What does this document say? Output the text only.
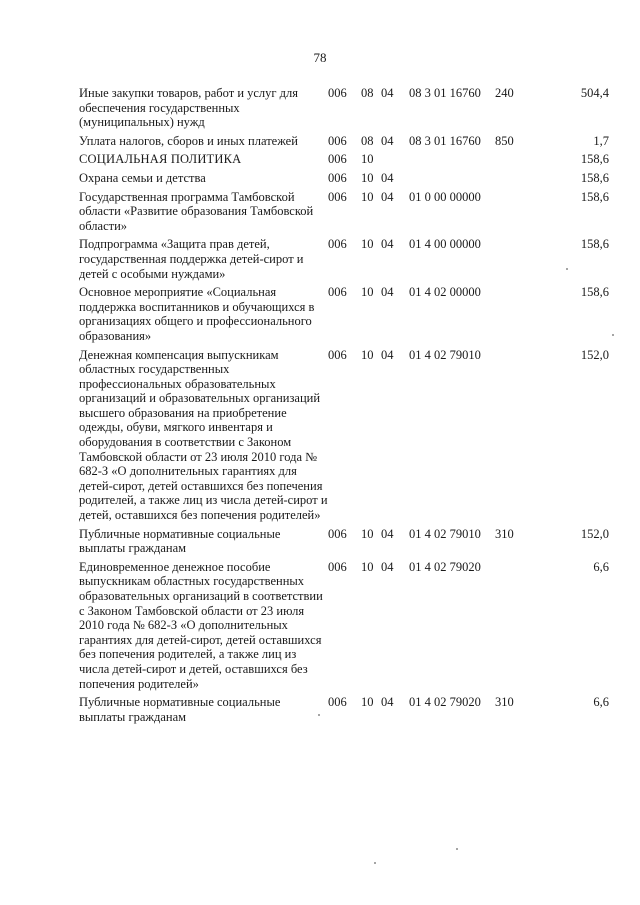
78
Иные закупки товаров, работ и услуг для обеспечения государственных (муниципальных) нужд	006	08	04	08 3 01 16760	240	504,4
Уплата налогов, сборов и иных платежей	006	08	04	08 3 01 16760	850	1,7
СОЦИАЛЬНАЯ ПОЛИТИКА	006	10				158,6
Охрана семьи и детства	006	10	04			158,6
Государственная программа Тамбовской области «Развитие образования Тамбовской области»	006	10	04	01 0 00 00000		158,6
Подпрограмма «Защита прав детей, государственная поддержка детей-сирот и детей с особыми нуждами»	006	10	04	01 4 00 00000		158,6
Основное мероприятие «Социальная поддержка воспитанников и обучающихся в организациях общего и профессионального образования»	006	10	04	01 4 02 00000		158,6
Денежная компенсация выпускникам областных государственных профессиональных образовательных организаций и образовательных организаций высшего образования на приобретение одежды, обуви, мягкого инвентаря и оборудования в соответствии с Законом Тамбовской области от 23 июля 2010 года № 682-З «О дополнительных гарантиях для детей-сирот, детей оставшихся без попечения родителей, а также лиц из числа детей-сирот и детей, оставшихся без попечения родителей»	006	10	04	01 4 02 79010		152,0
Публичные нормативные социальные выплаты гражданам	006	10	04	01 4 02 79010	310	152,0
Единовременное денежное пособие выпускникам областных государственных образовательных организаций в соответствии с Законом Тамбовской области от 23 июля 2010 года № 682-З «О дополнительных гарантиях для детей-сирот, детей оставшихся без попечения родителей, а также лиц из числа детей-сирот и детей, оставшихся без попечения родителей»	006	10	04	01 4 02 79020		6,6
Публичные нормативные социальные выплаты гражданам	006	10	04	01 4 02 79020	310	6,6
